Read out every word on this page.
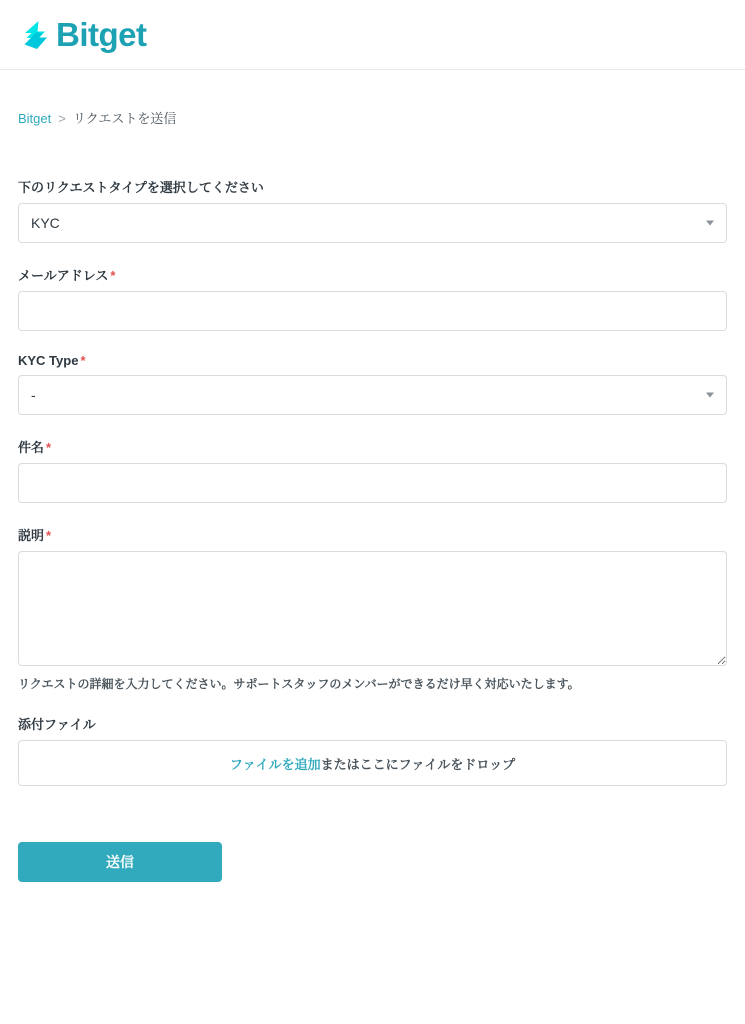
Bitget
Bitget > リクエストを送信
下のリクエストタイプを選択してください
KYC
メールアドレス *
KYC Type *
-
件名 *
説明 *
リクエストの詳細を入力してください。サポートスタッフのメンバーができるだけ早く対応いたします。
添付ファイル
ファイルを追加 またはここにファイルをドロップ
送信
